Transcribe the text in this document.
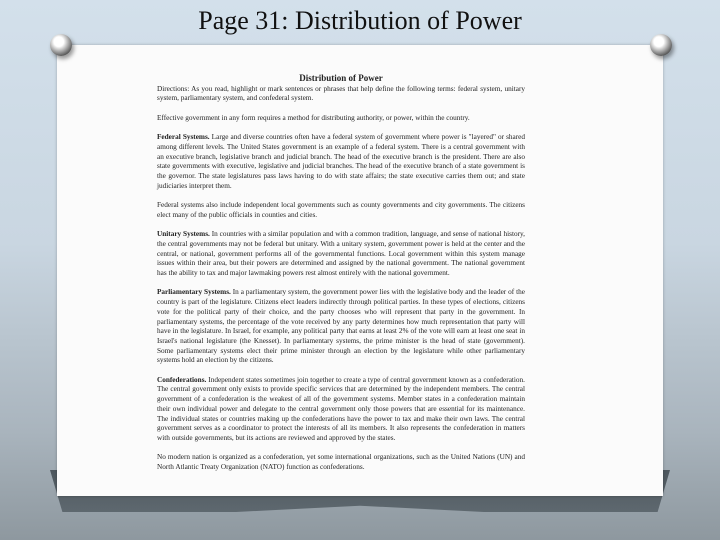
Page 31: Distribution of Power
Distribution of Power

Directions: As you read, highlight or mark sentences or phrases that help define the following terms: federal system, unitary system, parliamentary system, and confederal system.

Effective government in any form requires a method for distributing authority, or power, within the country.

Federal Systems. Large and diverse countries often have a federal system of government where power is "layered" or shared among different levels. The United States government is an example of a federal system. There is a central government with an executive branch, legislative branch and judicial branch. The head of the executive branch is the president. There are also state governments with executive, legislative and judicial branches. The head of the executive branch of a state government is the governor. The state legislatures pass laws having to do with state affairs; the state executive carries them out; and state judiciaries interpret them.

Federal systems also include independent local governments such as county governments and city governments. The citizens elect many of the public officials in counties and cities.

Unitary Systems. In countries with a similar population and with a common tradition, language, and sense of national history, the central governments may not be federal but unitary. With a unitary system, government power is held at the center and the central, or national, government performs all of the governmental functions. Local government within this system manage issues within their area, but their powers are determined and assigned by the national government. The national government has the ability to tax and major lawmaking powers rest almost entirely with the national government.

Parliamentary Systems. In a parliamentary system, the government power lies with the legislative body and the leader of the country is part of the legislature. Citizens elect leaders indirectly through political parties. In these types of elections, citizens vote for the political party of their choice, and the party chooses who will represent that party in the government. In parliamentary systems, the percentage of the vote received by any party determines how much representation that party will have in the legislature. In Israel, for example, any political party that earns at least 2% of the vote will earn at least one seat in Israel's national legislature (the Knesset). In parliamentary systems, the prime minister is the head of state (government). Some parliamentary systems elect their prime minister through an election by the legislature while other parliamentary systems hold an election by the citizens.

Confederations. Independent states sometimes join together to create a type of central government known as a confederation. The central government only exists to provide specific services that are determined by the independent members. The central government of a confederation is the weakest of all of the government systems. Member states in a confederation maintain their own individual power and delegate to the central government only those powers that are essential for its maintenance. The individual states or countries making up the confederations have the power to tax and make their own laws. The central government serves as a coordinator to protect the interests of all its members. It also represents the confederation in matters with outside governments, but its actions are reviewed and approved by the states.

No modern nation is organized as a confederation, yet some international organizations, such as the United Nations (UN) and North Atlantic Treaty Organization (NATO) function as confederations.
